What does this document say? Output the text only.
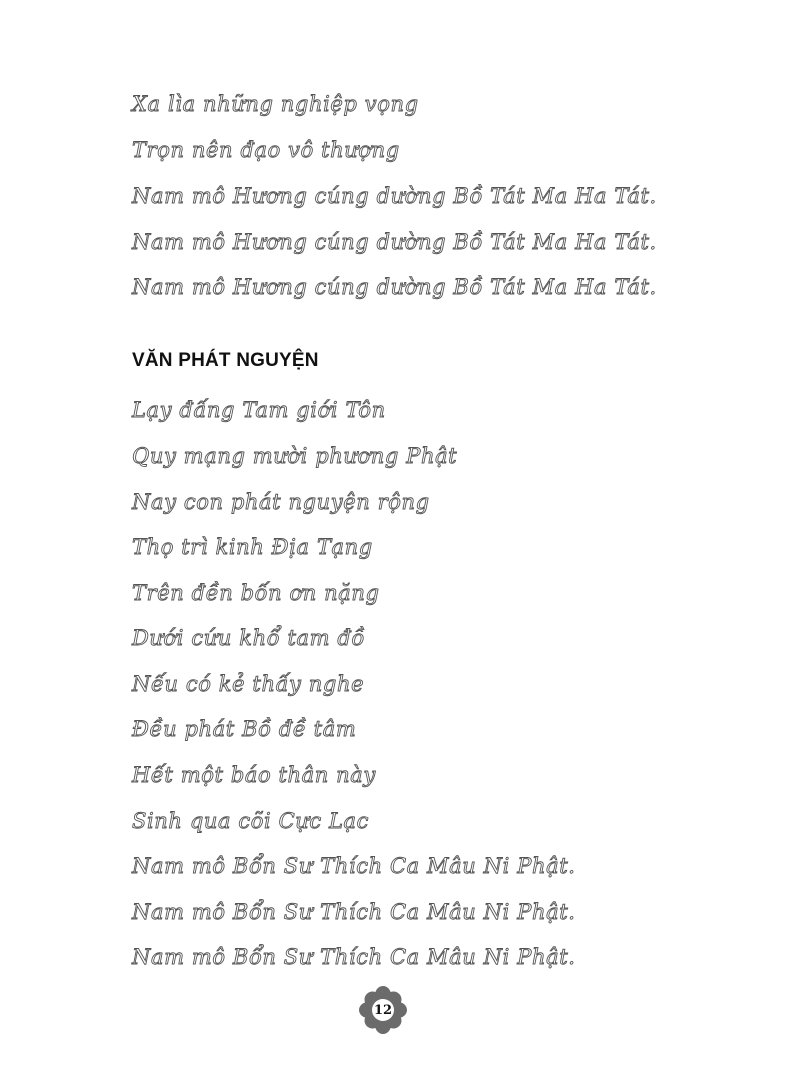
Xa lìa những nghiệp vọng
Trọn nên đạo vô thượng
Nam mô Hương cúng dường Bồ Tát Ma Ha Tát.
Nam mô Hương cúng dường Bồ Tát Ma Ha Tát.
Nam mô Hương cúng dường Bồ Tát Ma Ha Tát.
VĂN PHÁT NGUYỆN
Lạy đấng Tam giới Tôn
Quy mạng mười phương Phật
Nay con phát nguyện rộng
Thọ trì kinh Địa Tạng
Trên đền bốn ơn nặng
Dưới cứu khổ tam đồ
Nếu có kẻ thấy nghe
Đều phát Bồ đề tâm
Hết một báo thân này
Sinh qua cõi Cực Lạc
Nam mô Bổn Sư Thích Ca Mâu Ni Phật.
Nam mô Bổn Sư Thích Ca Mâu Ni Phật.
Nam mô Bổn Sư Thích Ca Mâu Ni Phật.
12
